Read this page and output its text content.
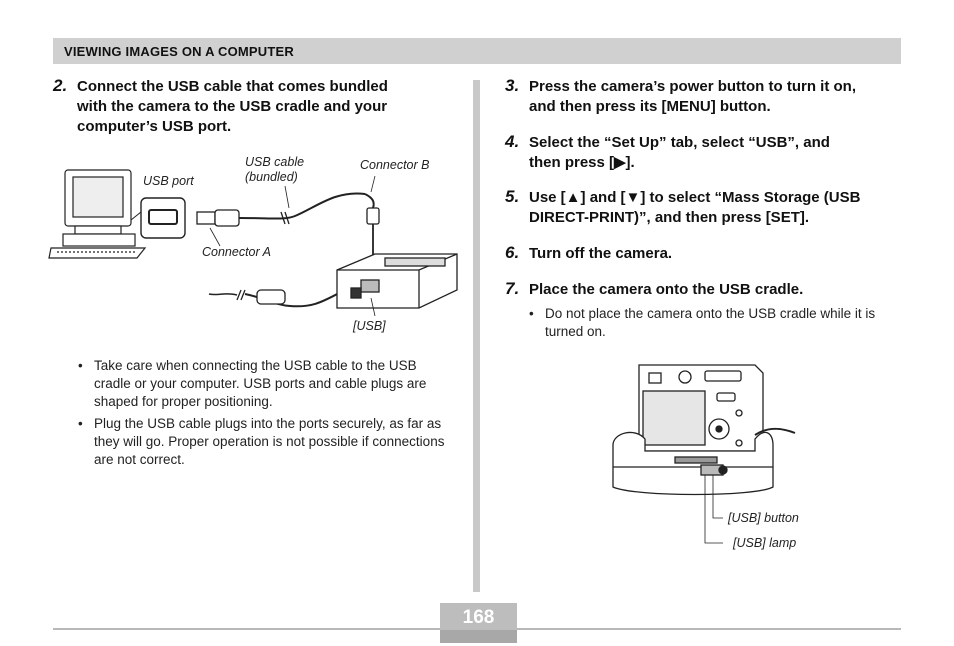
VIEWING IMAGES ON A COMPUTER
2. Connect the USB cable that comes bundled
with the camera to the USB cradle and your
computer’s USB port.
USB port
USB cable
(bundled)
Connector B
Connector A
[USB]
• Take care when connecting the USB cable to the USB cradle or your computer. USB ports and cable plugs are shaped for proper positioning.
• Plug the USB cable plugs into the ports securely, as far as they will go. Proper operation is not possible if connections are not correct.
3. Press the camera’s power button to turn it on,
and then press its [MENU] button.
4. Select the “Set Up” tab, select “USB”, and
then press [▶].
5. Use [▲] and [▼] to select “Mass Storage (USB
DIRECT-PRINT)”, and then press [SET].
6. Turn off the camera.
7. Place the camera onto the USB cradle.
• Do not place the camera onto the USB cradle while it is turned on.
[USB] button
[USB] lamp
168
